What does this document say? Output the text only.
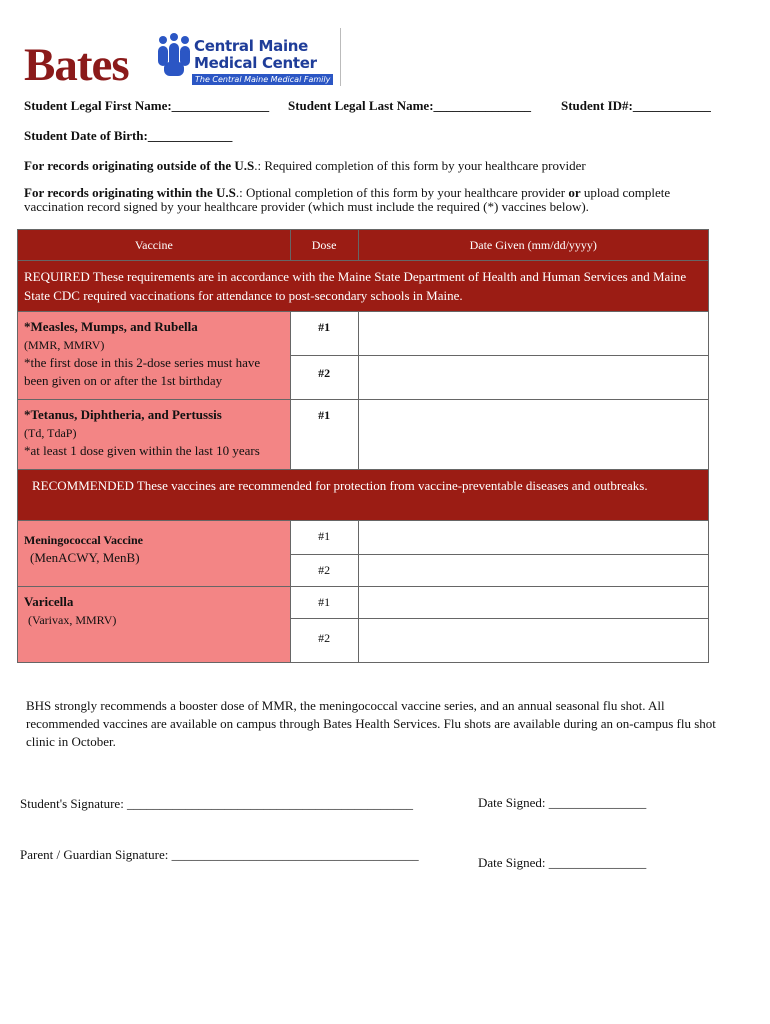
Bates	Central Maine
Medical Center
The Central Maine Medical Family
Student Legal First Name:_______________ Student Legal Last Name:_______________ Student ID#:____________
Student Date of Birth:_____________
For records originating outside of the U.S.: Required completion of this form by your healthcare provider
For records originating within the U.S.: Optional completion of this form by your healthcare provider or upload complete vaccination record signed by your healthcare provider (which must include the required (*) vaccines below).
Vaccine	Dose	Date Given (mm/dd/yyyy)
REQUIRED These requirements are in accordance with the Maine State Department of Health and Human Services and Maine State CDC required vaccinations for attendance to post-secondary schools in Maine.		

*Measles, Mumps, and Rubella
(MMR, MMRV)
*the first dose in this 2-dose series must have been given on or after the 1st birthday	#1	
	#2	

*Tetanus, Diphtheria, and Pertussis
(Td, TdaP)
*at least 1 dose given within the last 10 years	#1	
RECOMMENDED These vaccines are recommended for protection from vaccine-preventable diseases and outbreaks.		

Meningococcal Vaccine
(MenACWY, MenB)	#1	
	#2	

Varicella
(Varivax, MMRV)	#1	
	#2	
BHS strongly recommends a booster dose of MMR, the meningococcal vaccine series, and an annual seasonal flu shot. All recommended vaccines are available on campus through Bates Health Services. Flu shots are available during an on-campus flu shot clinic in October.
Student's Signature: ____________________________________________	Date Signed: _______________
Parent / Guardian Signature: ______________________________________
Date Signed: _______________
